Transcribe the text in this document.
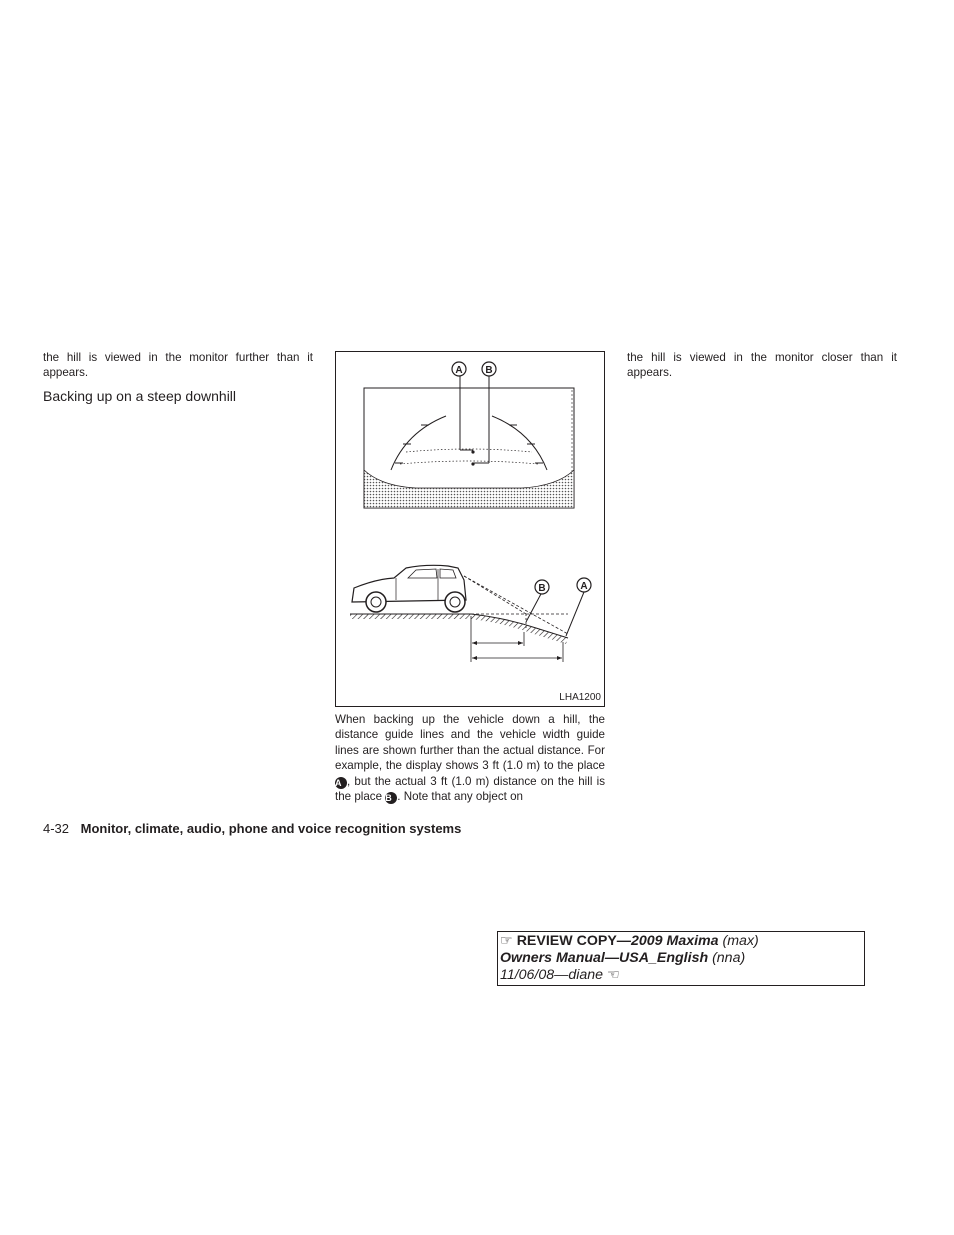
the hill is viewed in the monitor further than it appears.

Backing up on a steep downhill
A B
B	A
LHA1200

When backing up the vehicle down a hill, the distance guide lines and the vehicle width guide lines are shown further than the actual distance. For example, the display shows 3 ft (1.0 m) to the place A , but the actual 3 ft (1.0 m) distance on the hill is the place B . Note that any object on

the hill is viewed in the monitor closer than it appears.

4-32 Monitor, climate, audio, phone and voice recognition systems
☞ REVIEW COPY—2009 Maxima (max)
Owners Manual—USA_English (nna)
11/06/08—diane ☜
